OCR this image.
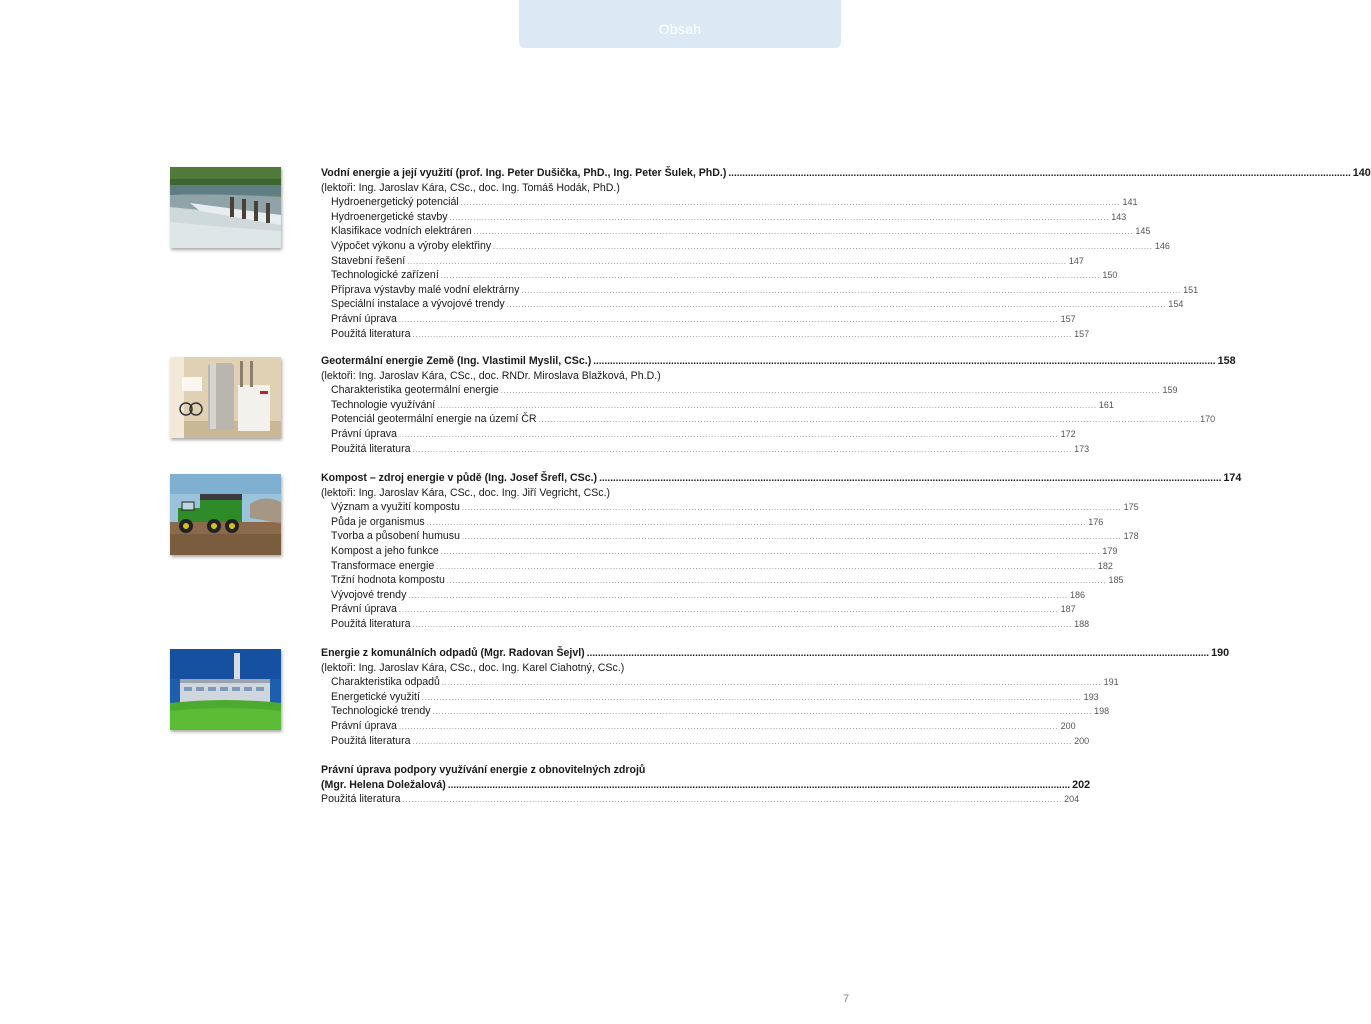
Obsah
Vodní energie a její využití (prof. Ing. Peter Dušička, PhD., Ing. Peter Šulek, PhD.) ................................................................................................................................................................................................................................ 140
(lektoři: Ing. Jaroslav Kára, CSc., doc. Ing. Tomáš Hodák, PhD.)
Hydroenergetický potenciál ................................................................................................................................................................................................................................ 141
Hydroenergetické stavby ................................................................................................................................................................................................................................ 143
Klasifikace vodních elektráren ................................................................................................................................................................................................................................ 145
Výpočet výkonu a výroby elektřiny ................................................................................................................................................................................................................................ 146
Stavební řešení ................................................................................................................................................................................................................................ 147
Technologické zařízení ................................................................................................................................................................................................................................ 150
Příprava výstavby malé vodní elektrárny ................................................................................................................................................................................................................................ 151
Speciální instalace a vývojové trendy ................................................................................................................................................................................................................................ 154
Právní úprava ................................................................................................................................................................................................................................ 157
Použitá literatura ................................................................................................................................................................................................................................ 157
Geotermální energie Země (Ing. Vlastimil Myslil, CSc.) ................................................................................................................................................................................................................................ 158
(lektoři: Ing. Jaroslav Kára, CSc., doc. RNDr. Miroslava Blažková, Ph.D.)
Charakteristika geotermální energie ................................................................................................................................................................................................................................ 159
Technologie využívání ................................................................................................................................................................................................................................ 161
Potenciál geotermální energie na území ČR ................................................................................................................................................................................................................................ 170
Právní úprava ................................................................................................................................................................................................................................ 172
Použitá literatura ................................................................................................................................................................................................................................ 173
Kompost – zdroj energie v půdě (Ing. Josef Šrefl, CSc.) ................................................................................................................................................................................................................................ 174
(lektoři: Ing. Jaroslav Kára, CSc., doc. Ing. Jiří Vegricht, CSc.)
Význam a využití kompostu ................................................................................................................................................................................................................................ 175
Půda je organismus ................................................................................................................................................................................................................................ 176
Tvorba a působení humusu ................................................................................................................................................................................................................................ 178
Kompost a jeho funkce ................................................................................................................................................................................................................................ 179
Transformace energie ................................................................................................................................................................................................................................ 182
Tržní hodnota kompostu ................................................................................................................................................................................................................................ 185
Vývojové trendy ................................................................................................................................................................................................................................ 186
Právní úprava ................................................................................................................................................................................................................................ 187
Použitá literatura ................................................................................................................................................................................................................................ 188
Energie z komunálních odpadů (Mgr. Radovan Šejvl) ................................................................................................................................................................................................................................ 190
(lektoři: Ing. Jaroslav Kára, CSc., doc. Ing. Karel Ciahotný, CSc.)
Charakteristika odpadů ................................................................................................................................................................................................................................ 191
Energetické využití ................................................................................................................................................................................................................................ 193
Technologické trendy ................................................................................................................................................................................................................................ 198
Právní úprava ................................................................................................................................................................................................................................ 200
Použitá literatura ................................................................................................................................................................................................................................ 200
Právní úprava podpory využívání energie z obnovitelných zdrojů
(Mgr. Helena Doležalová) ................................................................................................................................................................................................................................ 202
Použitá literatura ................................................................................................................................................................................................................................ 204
7
